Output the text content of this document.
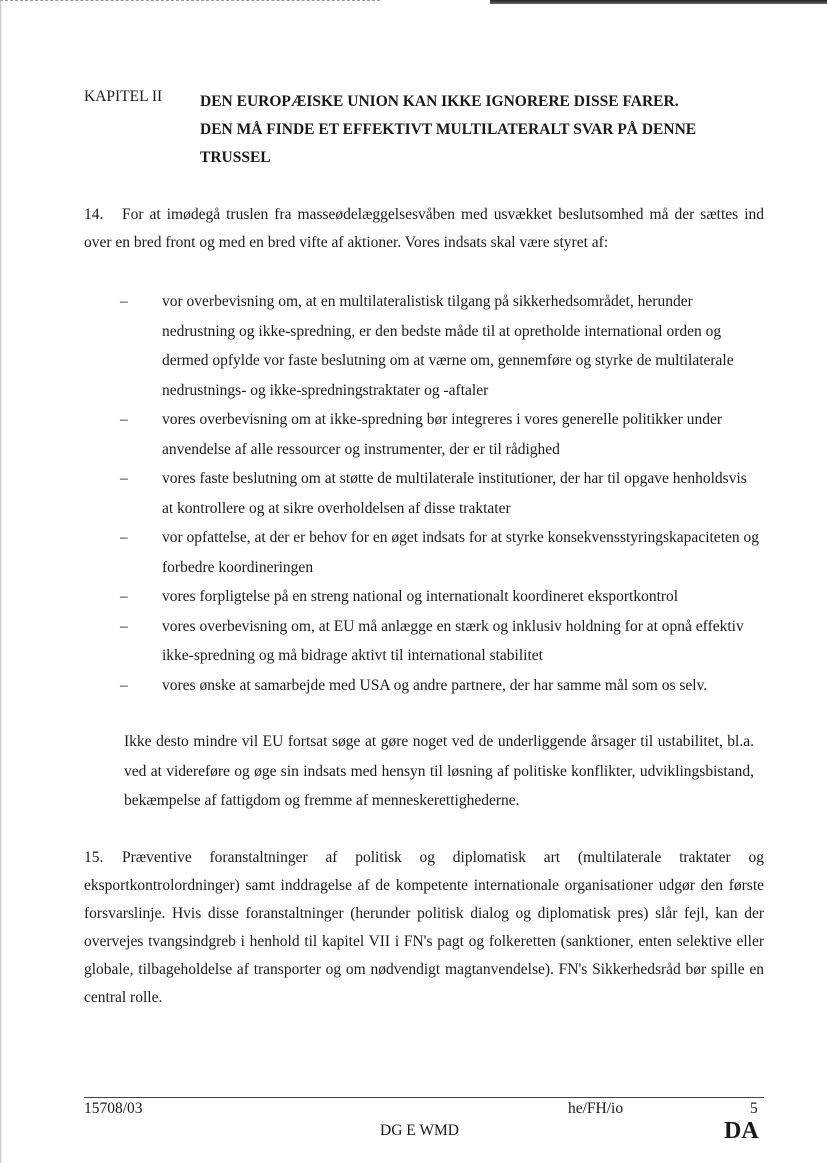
KAPITEL II DEN EUROPÆISKE UNION KAN IKKE IGNORERE DISSE FARER.
DEN MÅ FINDE ET EFFEKTIVT MULTILATERALT SVAR PÅ DENNE
TRUSSEL

14. For at imødegå truslen fra masseødelæggelsesvåben med usvækket beslutsomhed må der sættes ind over en bred front og med en bred vifte af aktioner. Vores indsats skal være styret af:

– vor overbevisning om, at en multilateralistisk tilgang på sikkerhedsområdet, herunder nedrustning og ikke-spredning, er den bedste måde til at opretholde international orden og dermed opfylde vor faste beslutning om at værne om, gennemføre og styrke de multilaterale nedrustnings- og ikke-spredningstraktater og -aftaler
– vores overbevisning om at ikke-spredning bør integreres i vores generelle politikker under anvendelse af alle ressourcer og instrumenter, der er til rådighed
– vores faste beslutning om at støtte de multilaterale institutioner, der har til opgave henholdsvis at kontrollere og at sikre overholdelsen af disse traktater
– vor opfattelse, at der er behov for en øget indsats for at styrke konsekvensstyringskapaciteten og forbedre koordineringen
– vores forpligtelse på en streng national og internationalt koordineret eksportkontrol
– vores overbevisning om, at EU må anlægge en stærk og inklusiv holdning for at opnå effektiv ikke-spredning og må bidrage aktivt til international stabilitet
– vores ønske at samarbejde med USA og andre partnere, der har samme mål som os selv.

Ikke desto mindre vil EU fortsat søge at gøre noget ved de underliggende årsager til ustabilitet, bl.a. ved at videreføre og øge sin indsats med hensyn til løsning af politiske konflikter, udviklingsbistand, bekæmpelse af fattigdom og fremme af menneskerettighederne.

15. Præventive foranstaltninger af politisk og diplomatisk art (multilaterale traktater og eksportkontrolordninger) samt inddragelse af de kompetente internationale organisationer udgør den første forsvarslinje. Hvis disse foranstaltninger (herunder politisk dialog og diplomatisk pres) slår fejl, kan der overvejes tvangsindgreb i henhold til kapitel VII i FN's pagt og folkeretten (sanktioner, enten selektive eller globale, tilbageholdelse af transporter og om nødvendigt magtanvendelse). FN's Sikkerhedsråd bør spille en central rolle.

15708/03	he/FH/io	5
DG E WMD	DA
